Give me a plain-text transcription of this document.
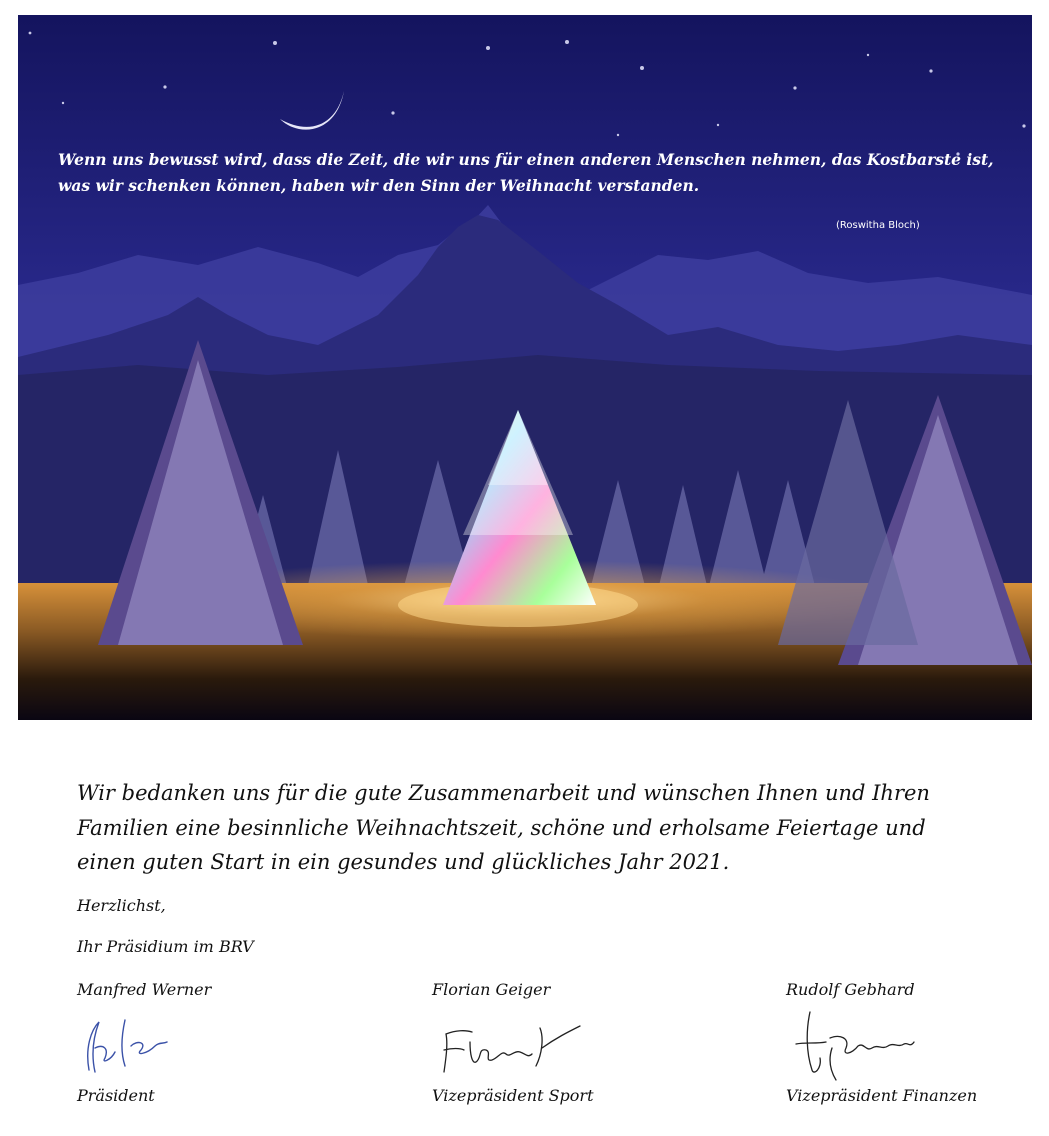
Wenn uns bewusst wird, dass die Zeit, die wir uns für einen anderen Menschen nehmen, das Kostbarste ist, was wir schenken können, haben wir den Sinn der Weihnacht verstanden.

(Roswitha Bloch)

Wir bedanken uns für die gute Zusammenarbeit und wünschen Ihnen und Ihren Familien eine besinnliche Weihnachtszeit, schöne und erholsame Feiertage und einen guten Start in ein gesundes und glückliches Jahr 2021.

Herzlichst,
Ihr Präsidium im BRV
Manfred Werner
Präsident
Florian Geiger
Vizepräsident Sport
Rudolf Gebhard
Vizepräsident Finanzen
